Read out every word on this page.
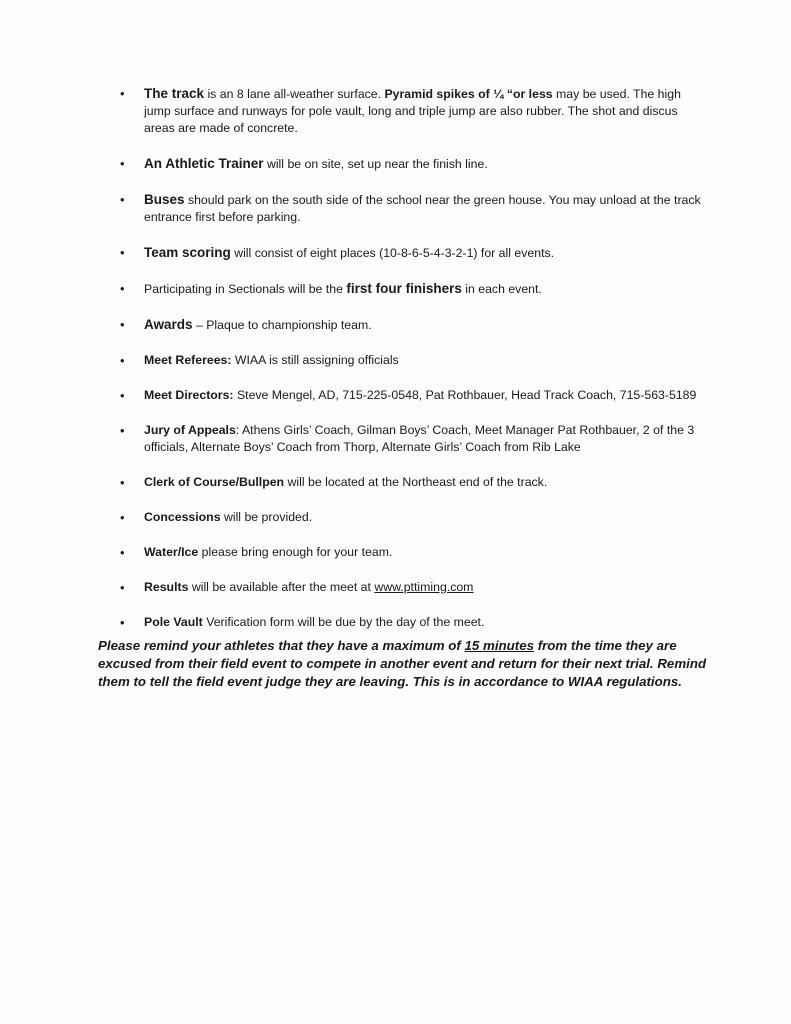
• The track is an 8 lane all-weather surface. Pyramid spikes of ¼ “or less may be used. The high jump surface and runways for pole vault, long and triple jump are also rubber. The shot and discus areas are made of concrete.
• An Athletic Trainer will be on site, set up near the finish line.
• Buses should park on the south side of the school near the green house. You may unload at the track entrance first before parking.
• Team scoring will consist of eight places (10-8-6-5-4-3-2-1) for all events.
• Participating in Sectionals will be the first four finishers in each event.
• Awards – Plaque to championship team.
• Meet Referees: WIAA is still assigning officials
• Meet Directors: Steve Mengel, AD, 715-225-0548, Pat Rothbauer, Head Track Coach, 715-563-5189
• Jury of Appeals: Athens Girls’ Coach, Gilman Boys’ Coach, Meet Manager Pat Rothbauer, 2 of the 3 officials, Alternate Boys’ Coach from Thorp, Alternate Girls’ Coach from Rib Lake
• Clerk of Course/Bullpen will be located at the Northeast end of the track.
• Concessions will be provided.
• Water/Ice please bring enough for your team.
• Results will be available after the meet at www.pttiming.com
• Pole Vault Verification form will be due by the day of the meet.
Please remind your athletes that they have a maximum of 15 minutes from the time they are excused from their field event to compete in another event and return for their next trial. Remind them to tell the field event judge they are leaving. This is in accordance to WIAA regulations.
